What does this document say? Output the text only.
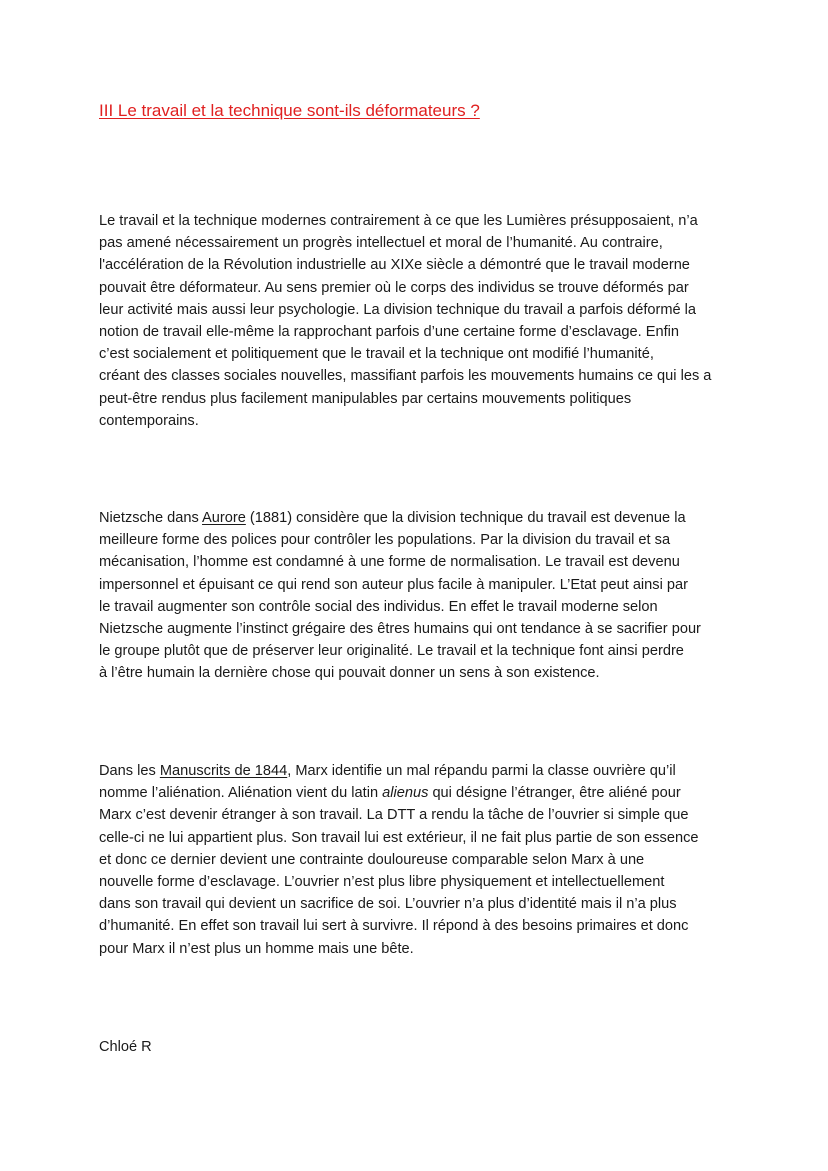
III Le travail et la technique sont-ils déformateurs ?

Le travail et la technique modernes contrairement à ce que les Lumières présupposaient, n’a
pas amené nécessairement un progrès intellectuel et moral de l’humanité. Au contraire,
l'accélération de la Révolution industrielle au XIXe siècle a démontré que le travail moderne
pouvait être déformateur. Au sens premier où le corps des individus se trouve déformés par
leur activité mais aussi leur psychologie. La division technique du travail a parfois déformé la
notion de travail elle-même la rapprochant parfois d’une certaine forme d’esclavage. Enfin
c’est socialement et politiquement que le travail et la technique ont modifié l’humanité,
créant des classes sociales nouvelles, massifiant parfois les mouvements humains ce qui les a
peut-être rendus plus facilement manipulables par certains mouvements politiques
contemporains.

Nietzsche dans Aurore (1881) considère que la division technique du travail est devenue la
meilleure forme des polices pour contrôler les populations. Par la division du travail et sa
mécanisation, l’homme est condamné à une forme de normalisation. Le travail est devenu
impersonnel et épuisant ce qui rend son auteur plus facile à manipuler. L’Etat peut ainsi par
le travail augmenter son contrôle social des individus. En effet le travail moderne selon
Nietzsche augmente l’instinct grégaire des êtres humains qui ont tendance à se sacrifier pour
le groupe plutôt que de préserver leur originalité. Le travail et la technique font ainsi perdre
à l’être humain la dernière chose qui pouvait donner un sens à son existence.

Dans les Manuscrits de 1844, Marx identifie un mal répandu parmi la classe ouvrière qu’il
nomme l’aliénation. Aliénation vient du latin alienus qui désigne l’étranger, être aliéné pour
Marx c’est devenir étranger à son travail. La DTT a rendu la tâche de l’ouvrier si simple que
celle-ci ne lui appartient plus. Son travail lui est extérieur, il ne fait plus partie de son essence
et donc ce dernier devient une contrainte douloureuse comparable selon Marx à une
nouvelle forme d’esclavage. L’ouvrier n’est plus libre physiquement et intellectuellement
dans son travail qui devient un sacrifice de soi. L’ouvrier n’a plus d’identité mais il n’a plus
d’humanité. En effet son travail lui sert à survivre. Il répond à des besoins primaires et donc
pour Marx il n’est plus un homme mais une bête.

Chloé R
